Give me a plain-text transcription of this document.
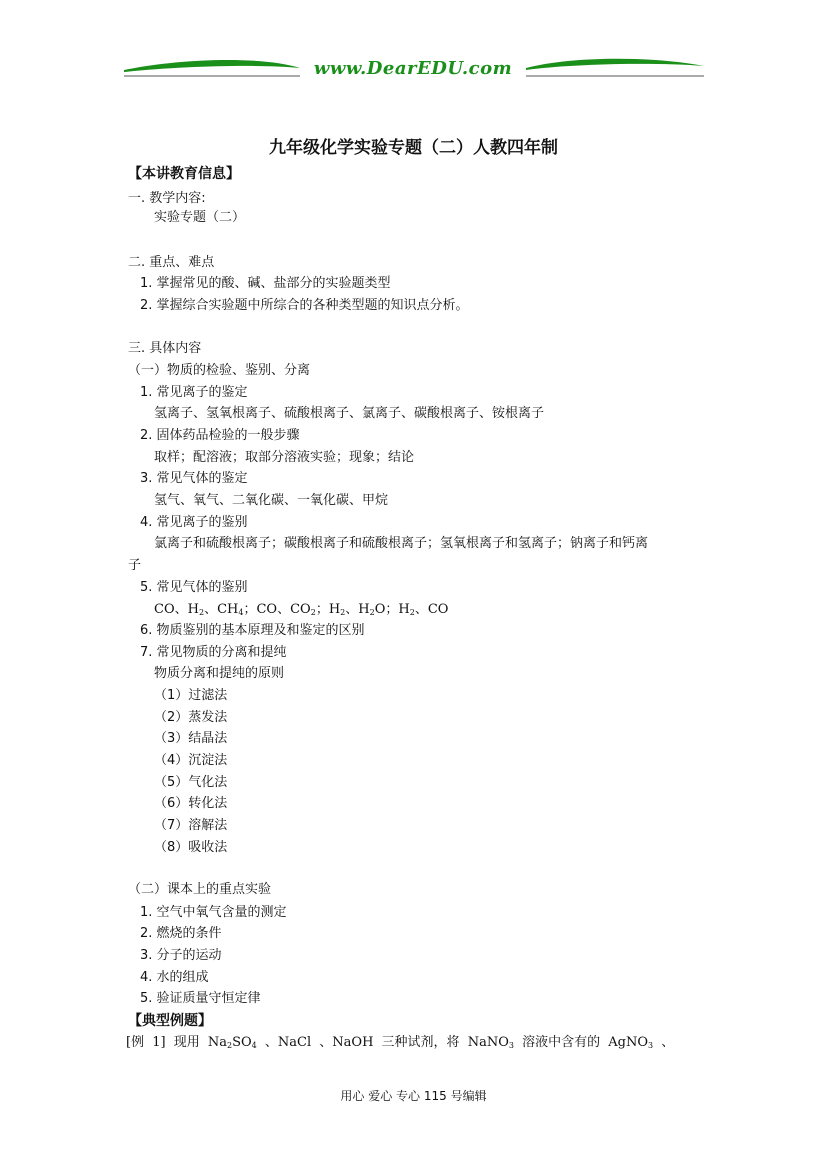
www.DearEDU.com
九年级化学实验专题（二）人教四年制
【本讲教育信息】
一. 教学内容:
实验专题（二）
二. 重点、难点
1. 掌握常见的酸、碱、盐部分的实验题类型
2. 掌握综合实验题中所综合的各种类型题的知识点分析。
三. 具体内容
（一）物质的检验、鉴别、分离
1. 常见离子的鉴定
氢离子、氢氧根离子、硫酸根离子、氯离子、碳酸根离子、铵根离子
2. 固体药品检验的一般步骤
取样；配溶液；取部分溶液实验；现象；结论
3. 常见气体的鉴定
氢气、氧气、二氧化碳、一氧化碳、甲烷
4. 常见离子的鉴别
氯离子和硫酸根离子；碳酸根离子和硫酸根离子；氢氧根离子和氢离子；钠离子和钙离
子
5. 常见气体的鉴别
CO、$H_2$、$CH_4$；CO、$CO_2$；$H_2$、$H_2O$；$H_2$、CO
6. 物质鉴别的基本原理及和鉴定的区别
7. 常见物质的分离和提纯
物质分离和提纯的原则
（1）过滤法
（2）蒸发法
（3）结晶法
（4）沉淀法
（5）气化法
（6）转化法
（7）溶解法
（8）吸收法
（二）课本上的重点实验
1. 空气中氧气含量的测定
2. 燃烧的条件
3. 分子的运动
4. 水的组成
5. 验证质量守恒定律
【典型例题】
[例 1] 现用 $Na_2SO_4$ 、NaCl 、NaOH 三种试剂，将 NaNO$_3$ 溶液中含有的 AgNO$_3$ 、
用心 爱心 专心 115 号编辑
